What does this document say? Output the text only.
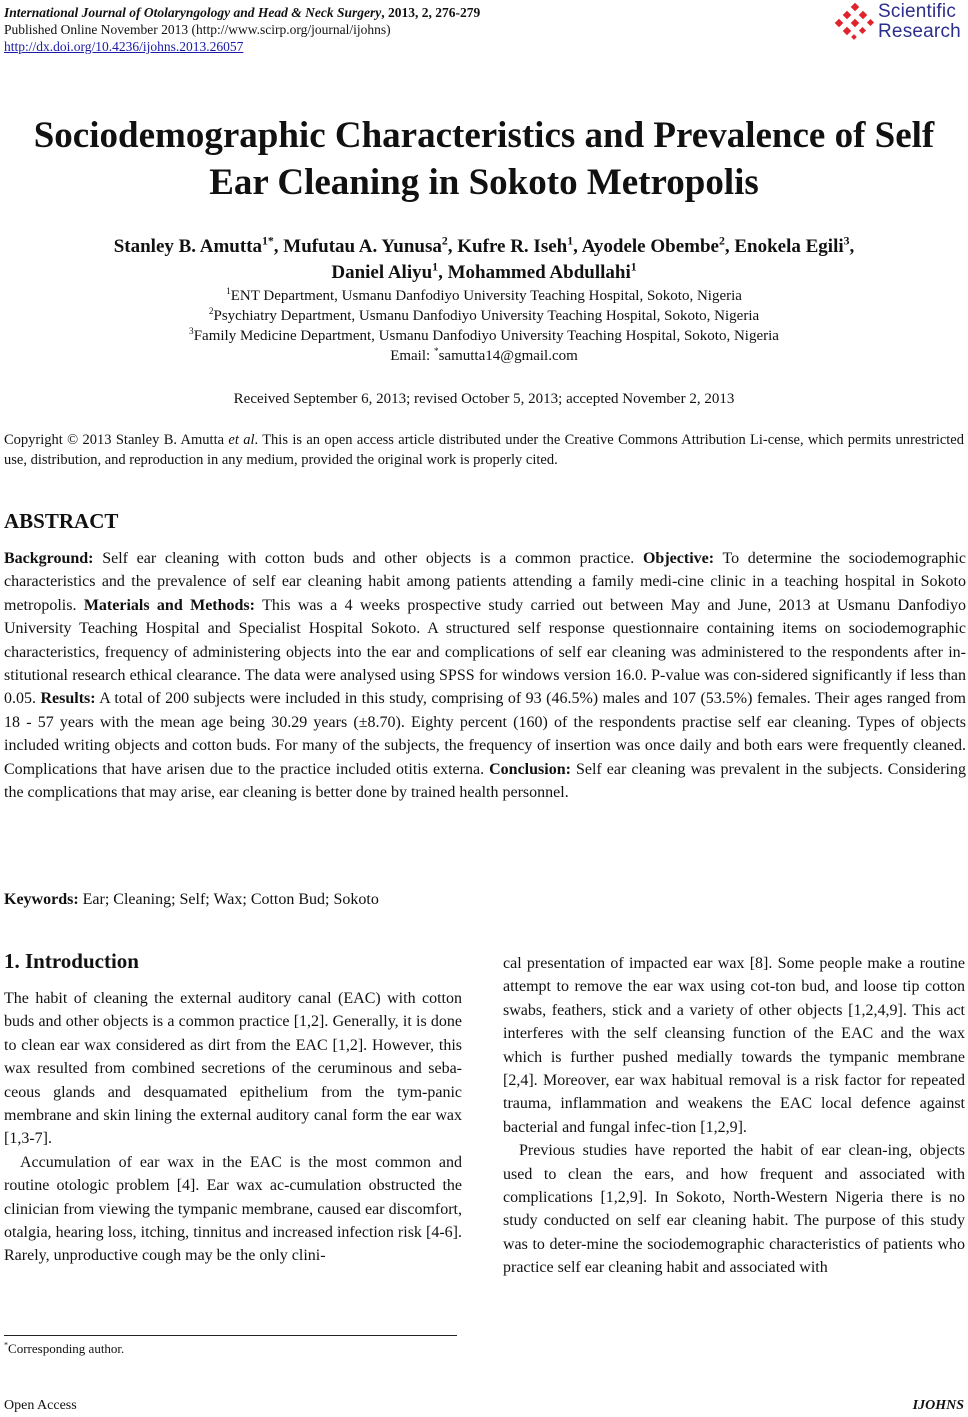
International Journal of Otolaryngology and Head & Neck Surgery, 2013, 2, 276-279
Published Online November 2013 (http://www.scirp.org/journal/ijohns)
http://dx.doi.org/10.4236/ijohns.2013.26057
Scientific
Research
Sociodemographic Characteristics and Prevalence of Self
Ear Cleaning in Sokoto Metropolis
Stanley B. Amutta$^{1*}$, Mufutau A. Yunusa$^2$, Kufre R. Iseh$^1$, Ayodele Obembe$^2$, Enokela Egili$^3$,
Daniel Aliyu$^1$, Mohammed Abdullahi$^1$
$^1$ENT Department, Usmanu Danfodiyo University Teaching Hospital, Sokoto, Nigeria
$^2$Psychiatry Department, Usmanu Danfodiyo University Teaching Hospital, Sokoto, Nigeria
$^3$Family Medicine Department, Usmanu Danfodiyo University Teaching Hospital, Sokoto, Nigeria
Email: *samutta14@gmail.com
Received September 6, 2013; revised October 5, 2013; accepted November 2, 2013
Copyright © 2013 Stanley B. Amutta et al. This is an open access article distributed under the Creative Commons Attribution Li-cense, which permits unrestricted use, distribution, and reproduction in any medium, provided the original work is properly cited.
ABSTRACT
Background: Self ear cleaning with cotton buds and other objects is a common practice. Objective: To determine the sociodemographic characteristics and the prevalence of self ear cleaning habit among patients attending a family medi-cine clinic in a teaching hospital in Sokoto metropolis. Materials and Methods: This was a 4 weeks prospective study carried out between May and June, 2013 at Usmanu Danfodiyo University Teaching Hospital and Specialist Hospital Sokoto. A structured self response questionnaire containing items on sociodemographic characteristics, frequency of administering objects into the ear and complications of self ear cleaning was administered to the respondents after in-stitutional research ethical clearance. The data were analysed using SPSS for windows version 16.0. P-value was con-sidered significantly if less than 0.05. Results: A total of 200 subjects were included in this study, comprising of 93 (46.5%) males and 107 (53.5%) females. Their ages ranged from 18 - 57 years with the mean age being 30.29 years (±8.70). Eighty percent (160) of the respondents practise self ear cleaning. Types of objects included writing objects and cotton buds. For many of the subjects, the frequency of insertion was once daily and both ears were frequently cleaned. Complications that have arisen due to the practice included otitis externa. Conclusion: Self ear cleaning was prevalent in the subjects. Considering the complications that may arise, ear cleaning is better done by trained health personnel.
Keywords: Ear; Cleaning; Self; Wax; Cotton Bud; Sokoto
1. Introduction

The habit of cleaning the external auditory canal (EAC) with cotton buds and other objects is a common practice [1,2]. Generally, it is done to clean ear wax considered as dirt from the EAC [1,2]. However, this wax resulted from combined secretions of the ceruminous and seba-ceous glands and desquamated epithelium from the tym-panic membrane and skin lining the external auditory canal form the ear wax [1,3-7].

Accumulation of ear wax in the EAC is the most common and routine otologic problem [4]. Ear wax ac-cumulation obstructed the clinician from viewing the tympanic membrane, caused ear discomfort, otalgia, hearing loss, itching, tinnitus and increased infection risk [4-6]. Rarely, unproductive cough may be the only clini-

cal presentation of impacted ear wax [8]. Some people make a routine attempt to remove the ear wax using cot-ton bud, and loose tip cotton swabs, feathers, stick and a variety of other objects [1,2,4,9]. This act interferes with the self cleansing function of the EAC and the wax which is further pushed medially towards the tympanic membrane [2,4]. Moreover, ear wax habitual removal is a risk factor for repeated trauma, inflammation and weakens the EAC local defence against bacterial and fungal infec-tion [1,2,9].

Previous studies have reported the habit of ear clean-ing, objects used to clean the ears, and how frequent and associated with complications [1,2,9]. In Sokoto, North-Western Nigeria there is no study conducted on self ear cleaning habit. The purpose of this study was to deter-mine the sociodemographic characteristics of patients who practice self ear cleaning habit and associated with

*Corresponding author.
Open Access	IJOHNS
